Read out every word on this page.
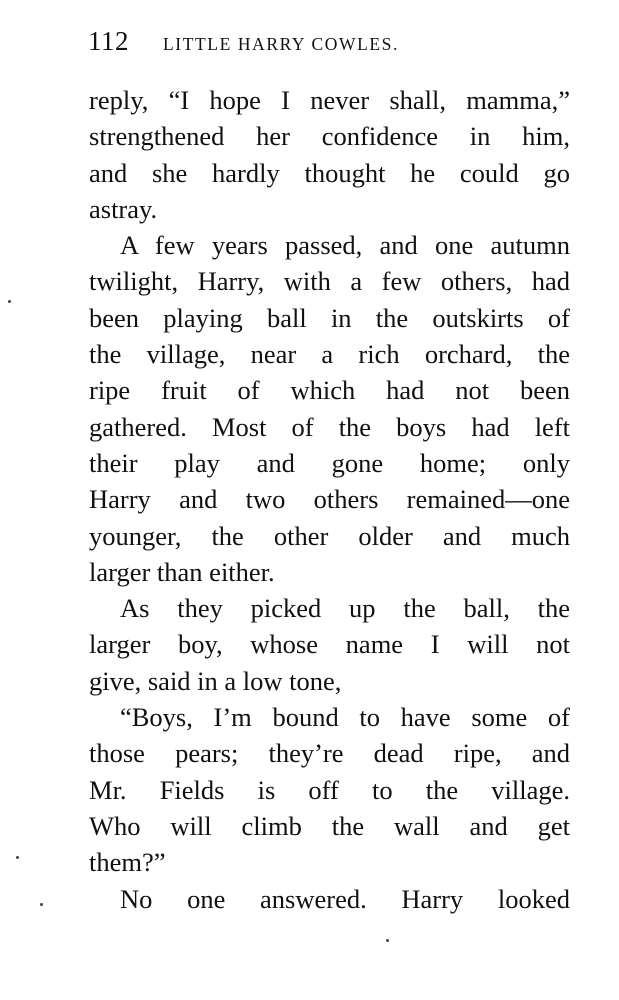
112 LITTLE HARRY COWLES.
reply, “I hope I never shall, mamma,”
strengthened her confidence in him,
and she hardly thought he could go
astray.
A few years passed, and one autumn
twilight, Harry, with a few others, had
been playing ball in the outskirts of
the village, near a rich orchard, the
ripe fruit of which had not been
gathered. Most of the boys had left
their play and gone home; only
Harry and two others remained—one
younger, the other older and much
larger than either.
As they picked up the ball, the
larger boy, whose name I will not
give, said in a low tone,
“Boys, I’m bound to have some of
those pears; they’re dead ripe, and
Mr. Fields is off to the village.
Who will climb the wall and get
them?”
No one answered. Harry looked
